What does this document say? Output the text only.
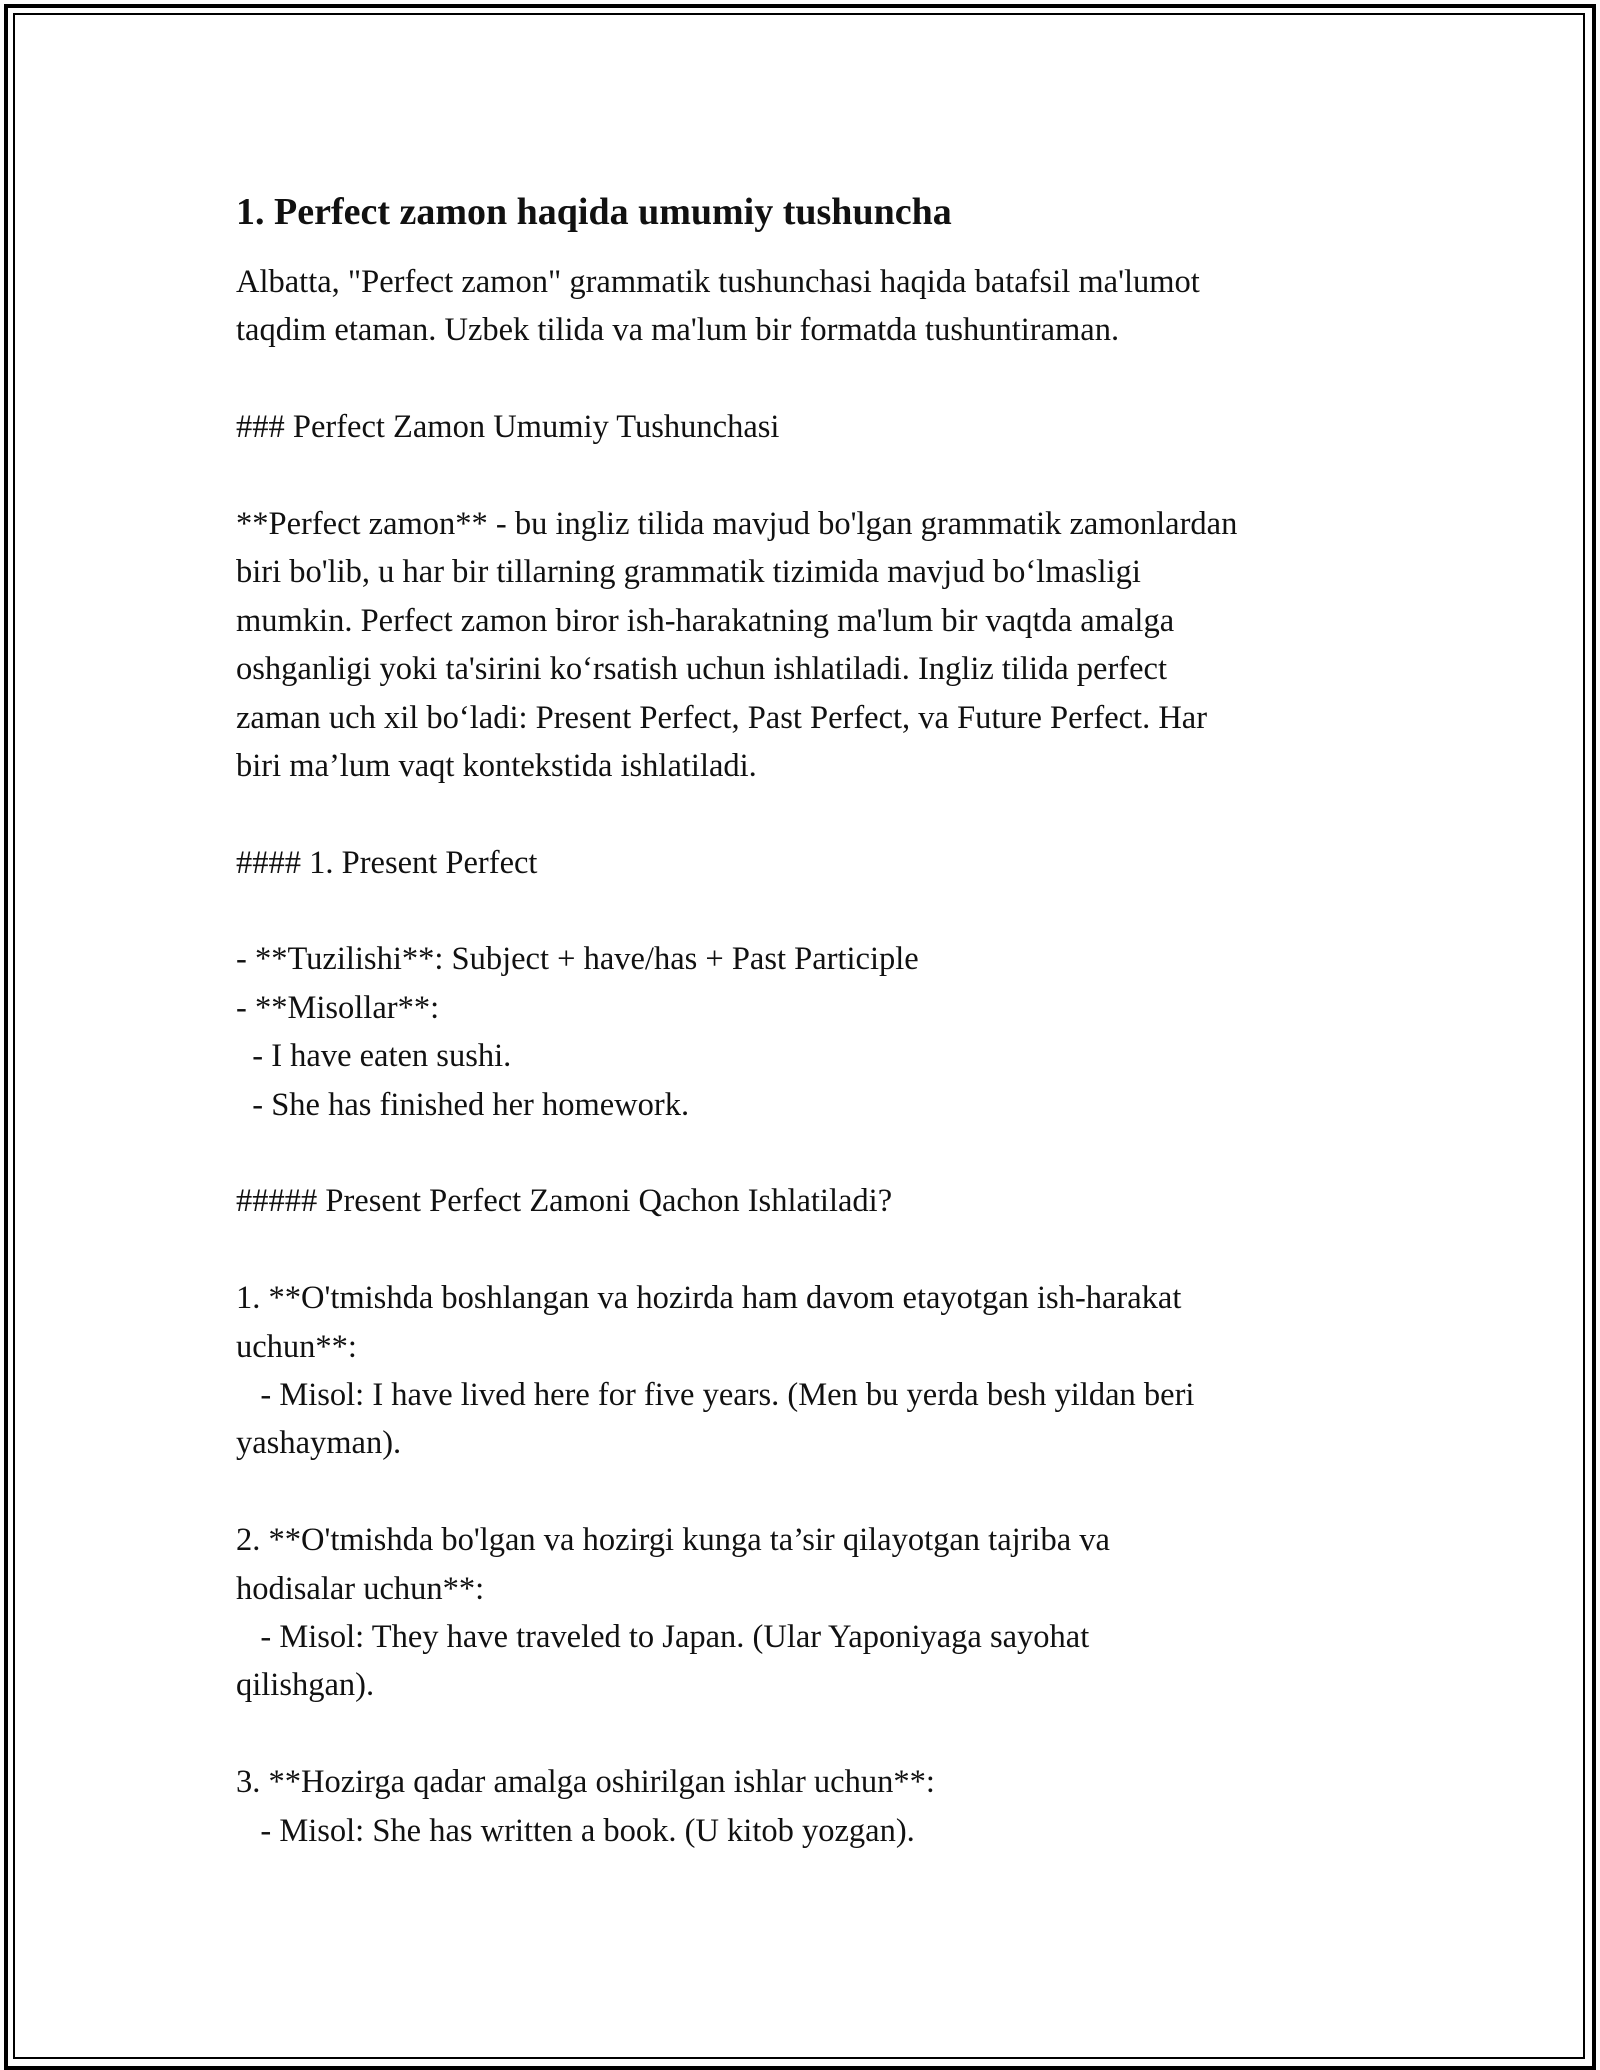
1. Perfect zamon haqida umumiy tushuncha
Albatta, "Perfect zamon" grammatik tushunchasi haqida batafsil ma'lumot
taqdim etaman. Uzbek tilida va ma'lum bir formatda tushuntiraman.
### Perfect Zamon Umumiy Tushunchasi
**Perfect zamon** - bu ingliz tilida mavjud bo'lgan grammatik zamonlardan
biri bo'lib, u har bir tillarning grammatik tizimida mavjud bo‘lmasligi
mumkin. Perfect zamon biror ish-harakatning ma'lum bir vaqtda amalga
oshganligi yoki ta'sirini ko‘rsatish uchun ishlatiladi. Ingliz tilida perfect
zaman uch xil bo‘ladi: Present Perfect, Past Perfect, va Future Perfect. Har
biri ma’lum vaqt kontekstida ishlatiladi.
#### 1. Present Perfect
- **Tuzilishi**: Subject + have/has + Past Participle
- **Misollar**:
- I have eaten sushi.
- She has finished her homework.
##### Present Perfect Zamoni Qachon Ishlatiladi?
1. **O'tmishda boshlangan va hozirda ham davom etayotgan ish-harakat
uchun**:
- Misol: I have lived here for five years. (Men bu yerda besh yildan beri
yashayman).
2. **O'tmishda bo'lgan va hozirgi kunga ta’sir qilayotgan tajriba va
hodisalar uchun**:
- Misol: They have traveled to Japan. (Ular Yaponiyaga sayohat
qilishgan).
3. **Hozirga qadar amalga oshirilgan ishlar uchun**:
- Misol: She has written a book. (U kitob yozgan).
